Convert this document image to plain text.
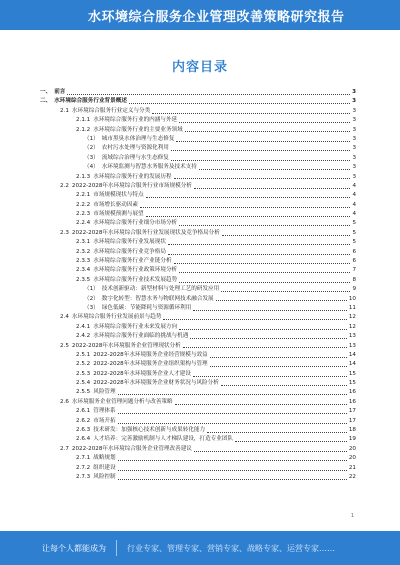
水环境综合服务企业管理改善策略研究报告
内容目录
一、 前言	3
二、 水环境综合服务行业背景概述	3
2.1 水环境综合服务行业定义与分类	3
2.1.1 水环境综合服务行业的内涵与外延	3
2.1.2 水环境综合服务行业的主要业务领域	3
（1） 城市黑臭水体治理与生态修复	3
（2） 农村污水处理与资源化利用	3
（3） 流域综合治理与水生态修复	3
（4） 水环境监测与智慧水务服务及技术支持	3
2.1.3 水环境综合服务行业的发展历程	3
2.2 2022-2028年水环境综合服务行业市场规模分析	4
2.2.1 市场规模现状与特点	4
2.2.2 市场增长驱动因素	4
2.2.3 市场规模预测与展望	4
2.2.4 水环境综合服务行业细分市场分析	5
2.3 2022-2028年水环境综合服务行业发展现状及竞争格局分析	5
2.3.1 水环境综合服务行业发展现状	5
2.3.2 水环境综合服务行业竞争格局	6
2.3.3 水环境综合服务行业产业链分析	6
2.3.4 水环境综合服务行业政策环境分析	7
2.3.5 水环境综合服务行业技术发展趋势	8
（1） 技术创新驱动：新型材料与处理工艺的研发应用	9
（2） 数字化转型：智慧水务与物联网技术融合发展	10
（3） 绿色低碳：节能降耗与资源循环利用	11
2.4 水环境综合服务行业发展前景与趋势	12
2.4.1 水环境综合服务行业未来发展方向	12
2.4.2 水环境综合服务行业面临的挑战与机遇	13
2.5 2022-2028年水环境服务企业管理现状分析	13
2.5.1 2022-2028年水环境服务企业经营规模与效益	14
2.5.2 2022-2028年水环境服务企业组织架构与管理	14
2.5.3 2022-2028年水环境服务企业人才建设	15
2.5.4 2022-2028年水环境服务企业财务状况与风险分析	15
2.5.5 风险管理	16
2.6 水环境服务企业管理问题分析与改善策略	16
2.6.1 管理体系	17
2.6.2 市场开拓	17
2.6.3 技术研发：加强核心技术创新与成果转化能力	18
2.6.4 人才培养：完善激励机制与人才梯队建设，打造专业团队	19
2.7 2022-2028年水环境综合服务企业管理改善建议	20
2.7.1 战略规划	20
2.7.2 组织建设	21
2.7.3 风险控制	22
1
让每个人都能成为	行业专家、管理专家、营销专家、战略专家、运营专家……
